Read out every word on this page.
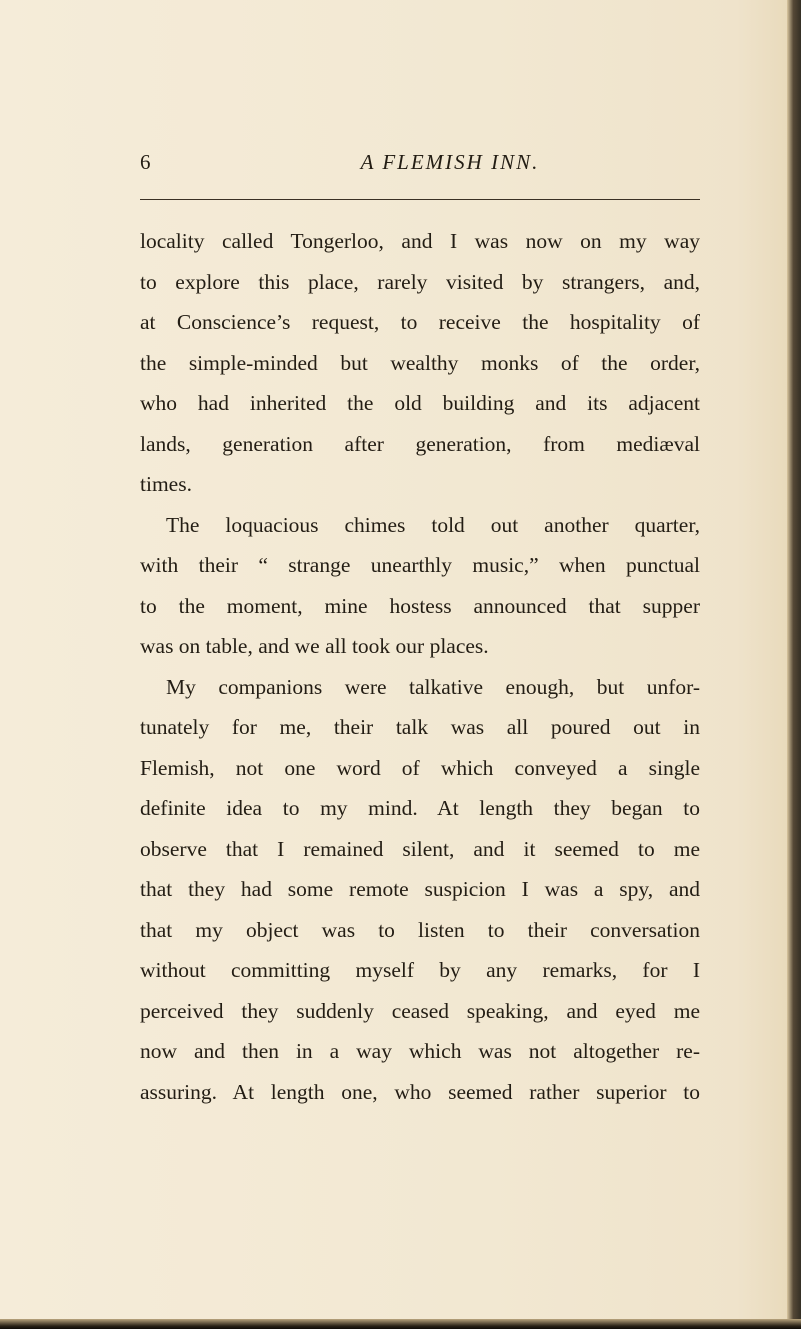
6	A FLEMISH INN.
locality called Tongerloo, and I was now on my way
to explore this place, rarely visited by strangers, and,
at Conscience’s request, to receive the hospitality of
the simple-minded but wealthy monks of the order,
who had inherited the old building and its adjacent
lands, generation after generation, from mediæval
times.
The loquacious chimes told out another quarter,
with their “ strange unearthly music,” when punctual
to the moment, mine hostess announced that supper
was on table, and we all took our places.
My companions were talkative enough, but unfor-
tunately for me, their talk was all poured out in
Flemish, not one word of which conveyed a single
definite idea to my mind. At length they began to
observe that I remained silent, and it seemed to me
that they had some remote suspicion I was a spy, and
that my object was to listen to their conversation
without committing myself by any remarks, for I
perceived they suddenly ceased speaking, and eyed me
now and then in a way which was not altogether re-
assuring. At length one, who seemed rather superior to
